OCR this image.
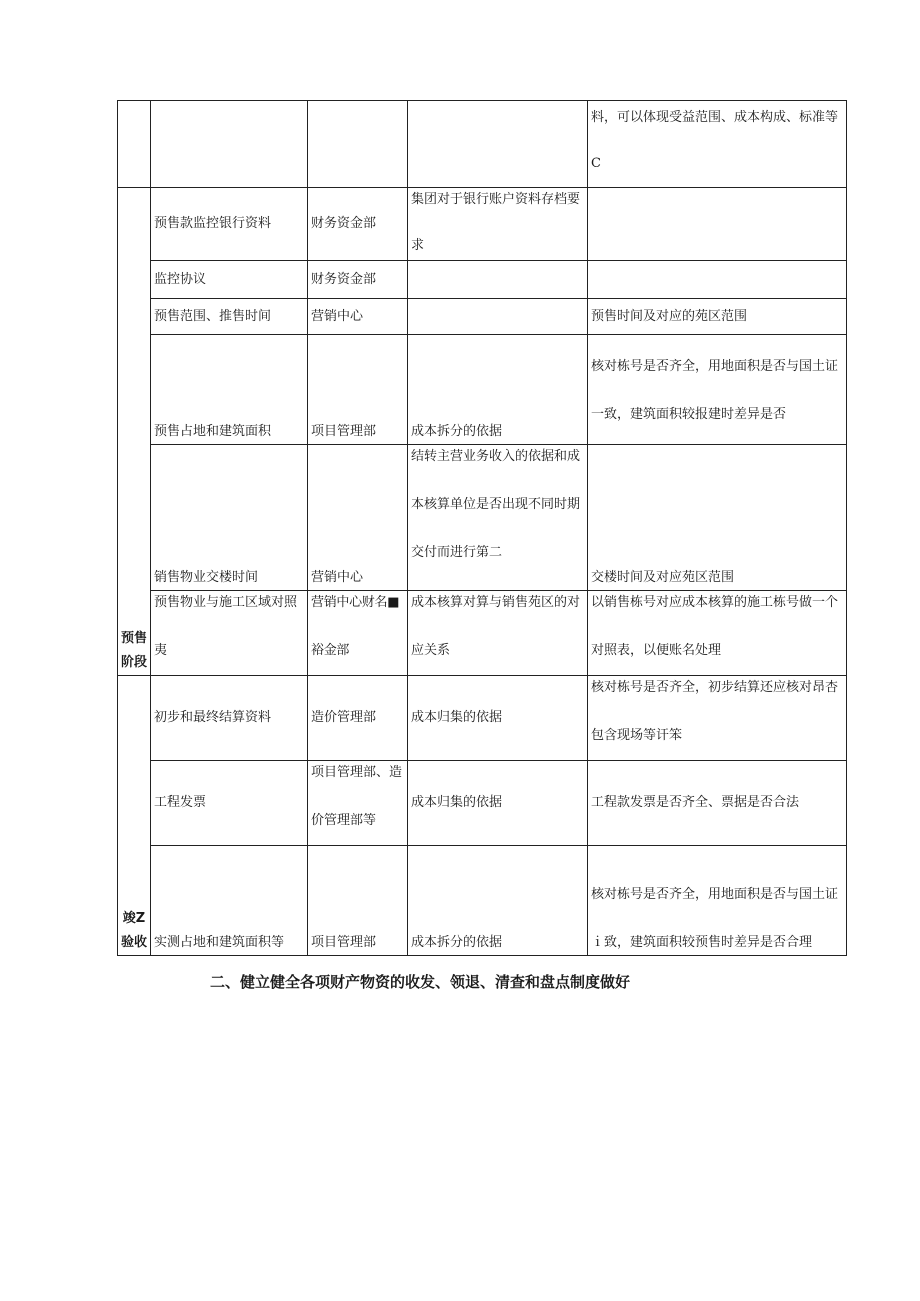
				料，可以体现受益范围、成本构成、标准等C

预售阶段	预售款监控银行资料	财务资金部	集团对于银行账户资料存档要求	

	监控协议	财务资金部		
	预售范围、推售时间	营销中心		预售时间及对应的苑区范围
	预售占地和建筑面积	项目管理部	成本拆分的依据	核对栋号是否齐全，用地面积是否与国土证一致，建筑面积较报建时差异是否

	销售物业交楼时间	营销中心	结转主营业务收入的依据和成本核算单位是否出现不同时期交付而进行第二	交楼时间及对应苑区范围

	预售物业与施工区域对照夷	营销中心财名■裕金部	成本核算对算与销售苑区的对应关系	以销售栋号对应成本核算的施工栋号做一个对照表，以便账名处理

竣Z验收	初步和最终结算资料	造价管理部	成本归集的依据	核对栋号是否齐全，初步结算还应核对昂杏包含现场等讦笨

	工程发票	项目管理部、造价管理部等	成本归集的依据	工程款发票是否齐全、票据是否合法
	实测占地和建筑面积等	项目管理部	成本拆分的依据	核对栋号是否齐全，用地面积是否与国土证ｉ致，建筑面积较预售时差异是否合理

二、健立健全各项财产物资的收发、领退、清查和盘点制度做好
